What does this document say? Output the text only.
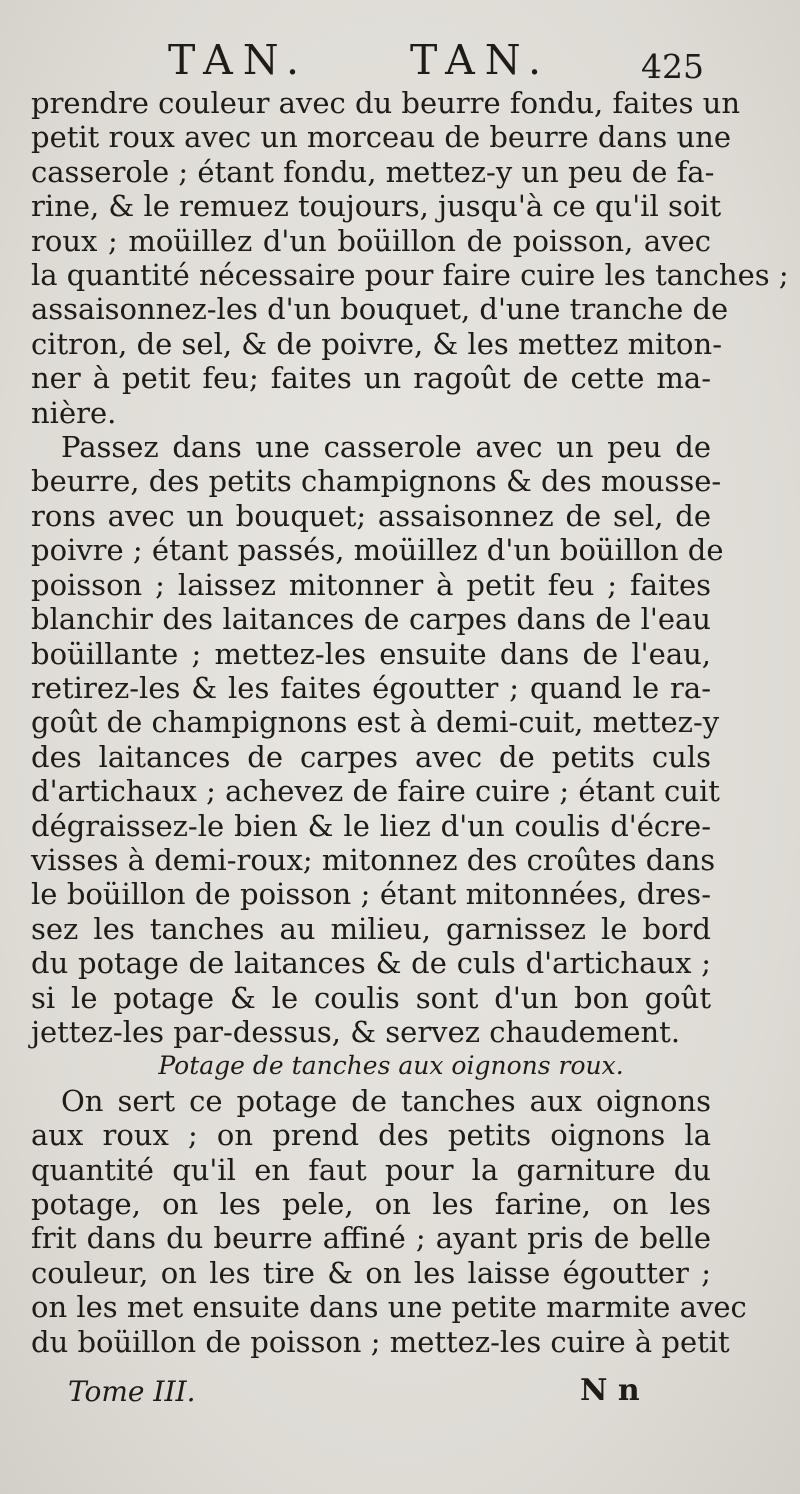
TAN. TAN.	425
prendre couleur avec du beurre fondu, faites un
petit roux avec un morceau de beurre dans une
casserole ; étant fondu, mettez-y un peu de fa-
rine, & le remuez toujours, jusqu'à ce qu'il soit
roux ; moüillez d'un boüillon de poisson, avec
la quantité nécessaire pour faire cuire les tanches ;
assaisonnez-les d'un bouquet, d'une tranche de
citron, de sel, & de poivre, & les mettez miton-
ner à petit feu; faites un ragoût de cette ma-
nière.
Passez dans une casserole avec un peu de
beurre, des petits champignons & des mousse-
rons avec un bouquet; assaisonnez de sel, de
poivre ; étant passés, moüillez d'un boüillon de
poisson ; laissez mitonner à petit feu ; faites
blanchir des laitances de carpes dans de l'eau
boüillante ; mettez-les ensuite dans de l'eau,
retirez-les & les faites égoutter ; quand le ra-
goût de champignons est à demi-cuit, mettez-y
des laitances de carpes avec de petits culs
d'artichaux ; achevez de faire cuire ; étant cuit
dégraissez-le bien & le liez d'un coulis d'écre-
visses à demi-roux; mitonnez des croûtes dans
le boüillon de poisson ; étant mitonnées, dres-
sez les tanches au milieu, garnissez le bord
du potage de laitances & de culs d'artichaux ;
si le potage & le coulis sont d'un bon goût
jettez-les par-dessus, & servez chaudement.
Potage de tanches aux oignons roux.
On sert ce potage de tanches aux oignons
aux roux ; on prend des petits oignons la
quantité qu'il en faut pour la garniture du
potage, on les pele, on les farine, on les
frit dans du beurre affiné ; ayant pris de belle
couleur, on les tire & on les laisse égoutter ;
on les met ensuite dans une petite marmite avec
du boüillon de poisson ; mettez-les cuire à petit
Tome III.	N n
